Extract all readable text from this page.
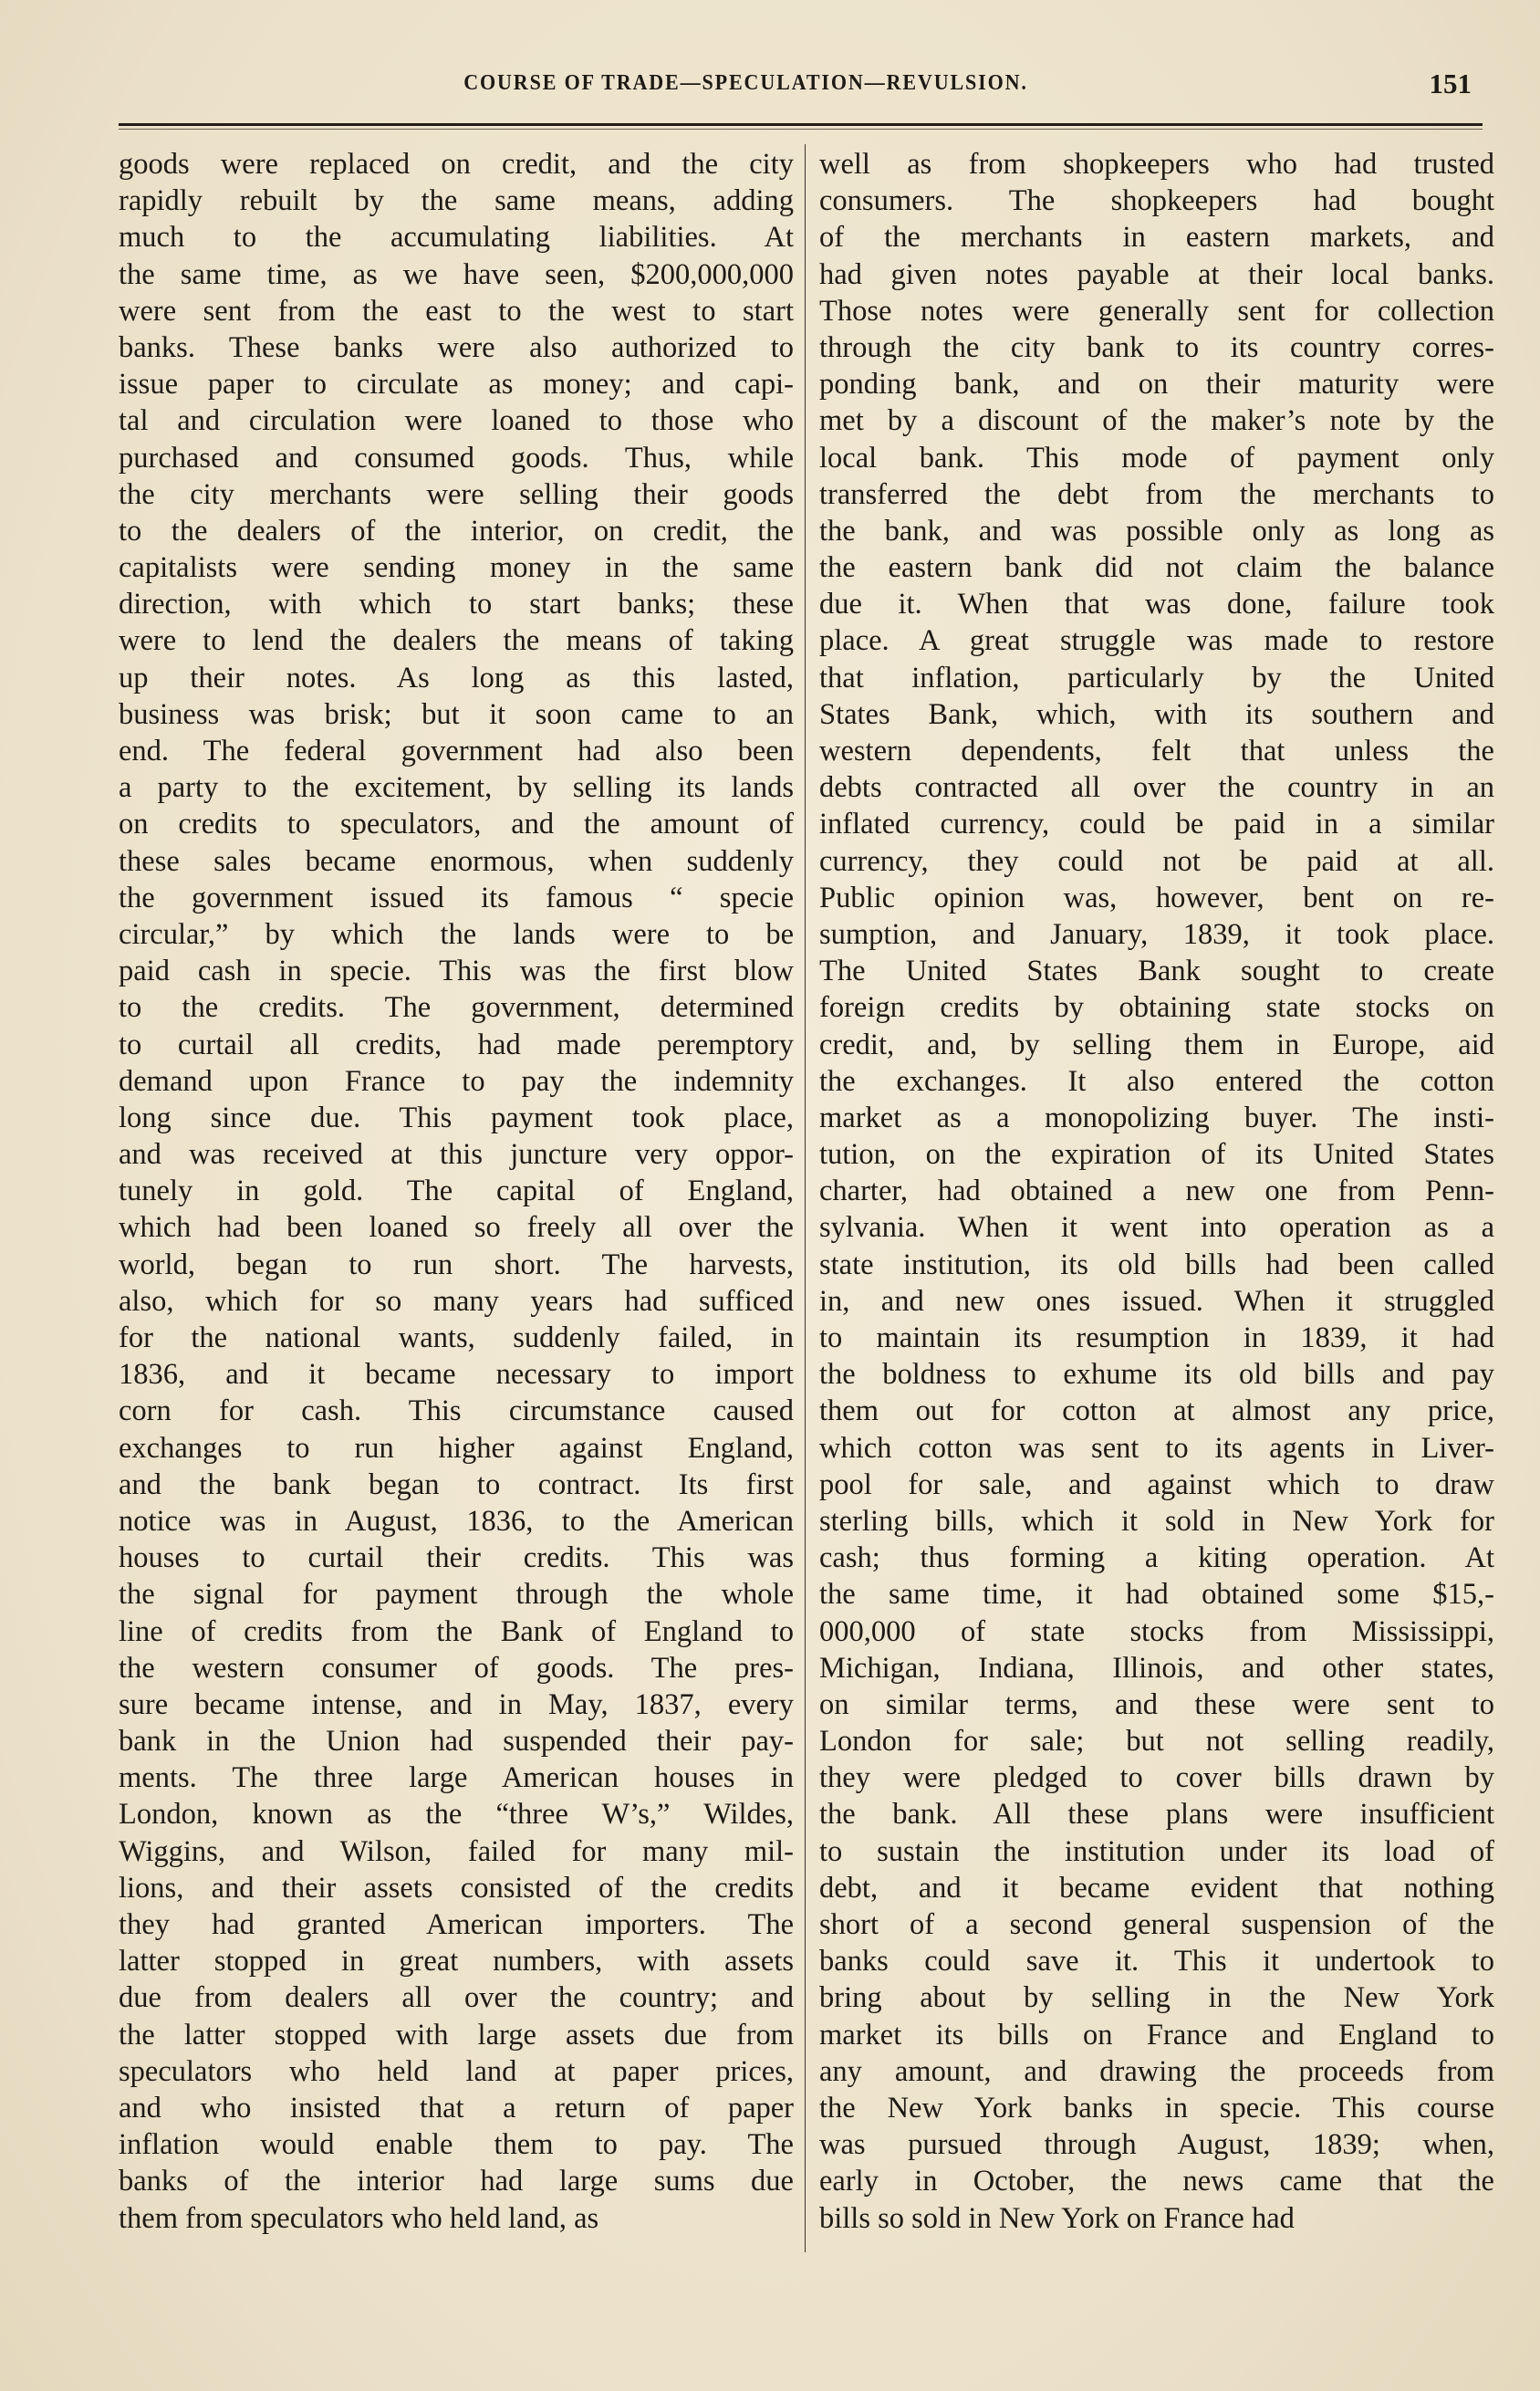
COURSE OF TRADE—SPECULATION—REVULSION.	151
goods were replaced on credit, and the city
rapidly rebuilt by the same means, adding
much to the accumulating liabilities. At
the same time, as we have seen, $200,000,000
were sent from the east to the west to start
banks. These banks were also authorized to
issue paper to circulate as money; and capi-
tal and circulation were loaned to those who
purchased and consumed goods. Thus, while
the city merchants were selling their goods
to the dealers of the interior, on credit, the
capitalists were sending money in the same
direction, with which to start banks; these
were to lend the dealers the means of taking
up their notes. As long as this lasted,
business was brisk; but it soon came to an
end. The federal government had also been
a party to the excitement, by selling its lands
on credits to speculators, and the amount of
these sales became enormous, when suddenly
the government issued its famous “ specie
circular,” by which the lands were to be
paid cash in specie. This was the first blow
to the credits. The government, determined
to curtail all credits, had made peremptory
demand upon France to pay the indemnity
long since due. This payment took place,
and was received at this juncture very oppor-
tunely in gold. The capital of England,
which had been loaned so freely all over the
world, began to run short. The harvests,
also, which for so many years had sufficed
for the national wants, suddenly failed, in
1836, and it became necessary to import
corn for cash. This circumstance caused
exchanges to run higher against England,
and the bank began to contract. Its first
notice was in August, 1836, to the American
houses to curtail their credits. This was
the signal for payment through the whole
line of credits from the Bank of England to
the western consumer of goods. The pres-
sure became intense, and in May, 1837, every
bank in the Union had suspended their pay-
ments. The three large American houses in
London, known as the “three W’s,” Wildes,
Wiggins, and Wilson, failed for many mil-
lions, and their assets consisted of the credits
they had granted American importers. The
latter stopped in great numbers, with assets
due from dealers all over the country; and
the latter stopped with large assets due from
speculators who held land at paper prices,
and who insisted that a return of paper
inflation would enable them to pay. The
banks of the interior had large sums due
them from speculators who held land, as
well as from shopkeepers who had trusted
consumers. The shopkeepers had bought
of the merchants in eastern markets, and
had given notes payable at their local banks.
Those notes were generally sent for collection
through the city bank to its country corres-
ponding bank, and on their maturity were
met by a discount of the maker’s note by the
local bank. This mode of payment only
transferred the debt from the merchants to
the bank, and was possible only as long as
the eastern bank did not claim the balance
due it. When that was done, failure took
place. A great struggle was made to restore
that inflation, particularly by the United
States Bank, which, with its southern and
western dependents, felt that unless the
debts contracted all over the country in an
inflated currency, could be paid in a similar
currency, they could not be paid at all.
Public opinion was, however, bent on re-
sumption, and January, 1839, it took place.
The United States Bank sought to create
foreign credits by obtaining state stocks on
credit, and, by selling them in Europe, aid
the exchanges. It also entered the cotton
market as a monopolizing buyer. The insti-
tution, on the expiration of its United States
charter, had obtained a new one from Penn-
sylvania. When it went into operation as a
state institution, its old bills had been called
in, and new ones issued. When it struggled
to maintain its resumption in 1839, it had
the boldness to exhume its old bills and pay
them out for cotton at almost any price,
which cotton was sent to its agents in Liver-
pool for sale, and against which to draw
sterling bills, which it sold in New York for
cash; thus forming a kiting operation. At
the same time, it had obtained some $15,-
000,000 of state stocks from Mississippi,
Michigan, Indiana, Illinois, and other states,
on similar terms, and these were sent to
London for sale; but not selling readily,
they were pledged to cover bills drawn by
the bank. All these plans were insufficient
to sustain the institution under its load of
debt, and it became evident that nothing
short of a second general suspension of the
banks could save it. This it undertook to
bring about by selling in the New York
market its bills on France and England to
any amount, and drawing the proceeds from
the New York banks in specie. This course
was pursued through August, 1839; when,
early in October, the news came that the
bills so sold in New York on France had
